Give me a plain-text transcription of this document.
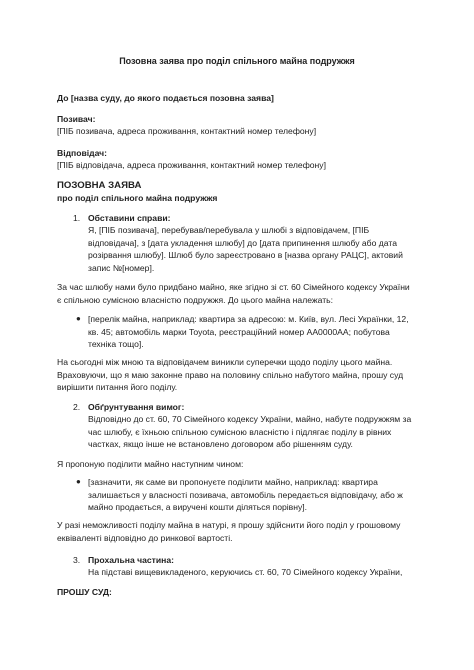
Позовна заява про поділ спільного майна подружжя
До [назва суду, до якого подається позовна заява]
Позивач:
[ПІБ позивача, адреса проживання, контактний номер телефону]
Відповідач:
[ПІБ відповідача, адреса проживання, контактний номер телефону]
ПОЗОВНА ЗАЯВА
про поділ спільного майна подружжя
1. Обставини справи:
Я, [ПІБ позивача], перебував/перебувала у шлюбі з відповідачем, [ПІБ
відповідача], з [дата укладення шлюбу] до [дата припинення шлюбу або дата
розірвання шлюбу]. Шлюб було зареєстровано в [назва органу РАЦС], актовий
запис №[номер].
За час шлюбу нами було придбано майно, яке згідно зі ст. 60 Сімейного кодексу України
є спільною сумісною власністю подружжя. До цього майна належать:
● [перелік майна, наприклад: квартира за адресою: м. Київ, вул. Лесі Українки, 12,
кв. 45; автомобіль марки Toyota, реєстраційний номер АА0000АА; побутова
техніка тощо].
На сьогодні між мною та відповідачем виникли суперечки щодо поділу цього майна.
Враховуючи, що я маю законне право на половину спільно набутого майна, прошу суд
вирішити питання його поділу.
2. Обґрунтування вимог:
Відповідно до ст. 60, 70 Сімейного кодексу України, майно, набуте подружжям за
час шлюбу, є їхньою спільною сумісною власністю і підлягає поділу в рівних
частках, якщо інше не встановлено договором або рішенням суду.
Я пропоную поділити майно наступним чином:
● [зазначити, як саме ви пропонуєте поділити майно, наприклад: квартира
залишається у власності позивача, автомобіль передається відповідачу, або ж
майно продається, а виручені кошти діляться порівну].
У разі неможливості поділу майна в натурі, я прошу здійснити його поділ у грошовому
еквіваленті відповідно до ринкової вартості.
3. Прохальна частина:
На підставі вищевикладеного, керуючись ст. 60, 70 Сімейного кодексу України,
ПРОШУ СУД:
